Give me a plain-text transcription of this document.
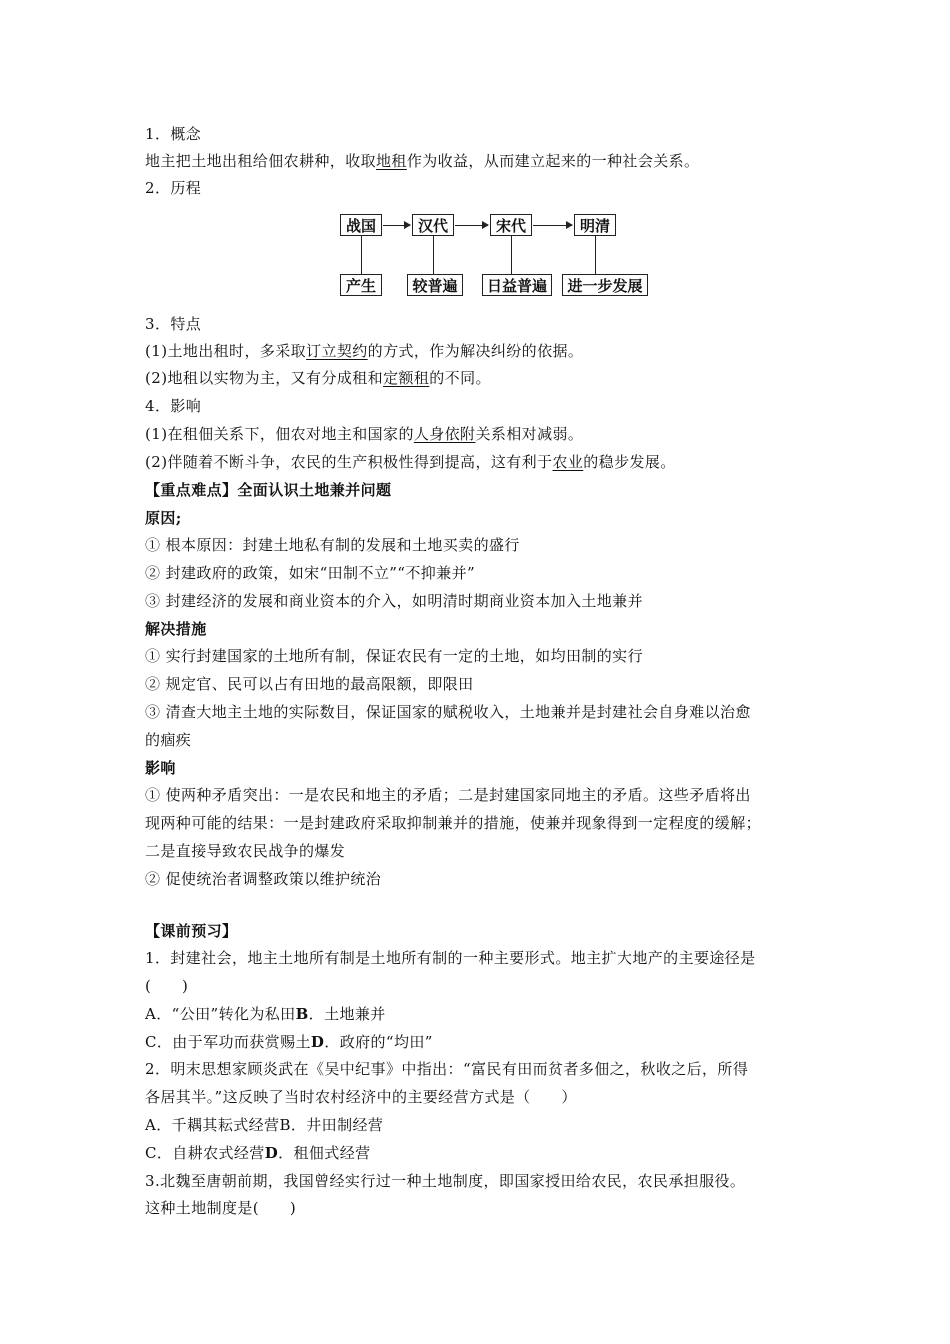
1．概念
地主把土地出租给佃农耕种，收取地租作为收益，从而建立起来的一种社会关系。
2．历程
战国	汉代	宋代	明清
产生	较普遍	日益普遍	进一步发展
3．特点
(1)土地出租时，多采取订立契约的方式，作为解决纠纷的依据。
(2)地租以实物为主，又有分成租和定额租的不同。
4．影响
(1)在租佃关系下，佃农对地主和国家的人身依附关系相对减弱。
(2)伴随着不断斗争，农民的生产积极性得到提高，这有利于农业的稳步发展。
【重点难点】全面认识土地兼并问题
原因;
① 根本原因：封建土地私有制的发展和土地买卖的盛行
② 封建政府的政策，如宋“田制不立”“不抑兼并”
③ 封建经济的发展和商业资本的介入，如明清时期商业资本加入土地兼并
解决措施
① 实行封建国家的土地所有制，保证农民有一定的土地，如均田制的实行
② 规定官、民可以占有田地的最高限额，即限田
③ 清查大地主土地的实际数目，保证国家的赋税收入，土地兼并是封建社会自身难以治愈
的痼疾
影响
① 使两种矛盾突出：一是农民和地主的矛盾；二是封建国家同地主的矛盾。这些矛盾将出
现两种可能的结果：一是封建政府采取抑制兼并的措施，使兼并现象得到一定程度的缓解；
二是直接导致农民战争的爆发
② 促使统治者调整政策以维护统治
【课前预习】
1．封建社会，地主土地所有制是土地所有制的一种主要形式。地主扩大地产的主要途径是
(　　)
A．“公田”转化为私田B．土地兼并
C．由于军功而获赏赐土D．政府的“均田”
2．明末思想家顾炎武在《吴中纪事》中指出：“富民有田而贫者多佃之，秋收之后，所得
各居其半。”这反映了当时农村经济中的主要经营方式是（　　）
A．千耦其耘式经营B．井田制经营
C．自耕农式经营D．租佃式经营
3.北魏至唐朝前期，我国曾经实行过一种土地制度，即国家授田给农民，农民承担服役。
这种土地制度是(　　)
